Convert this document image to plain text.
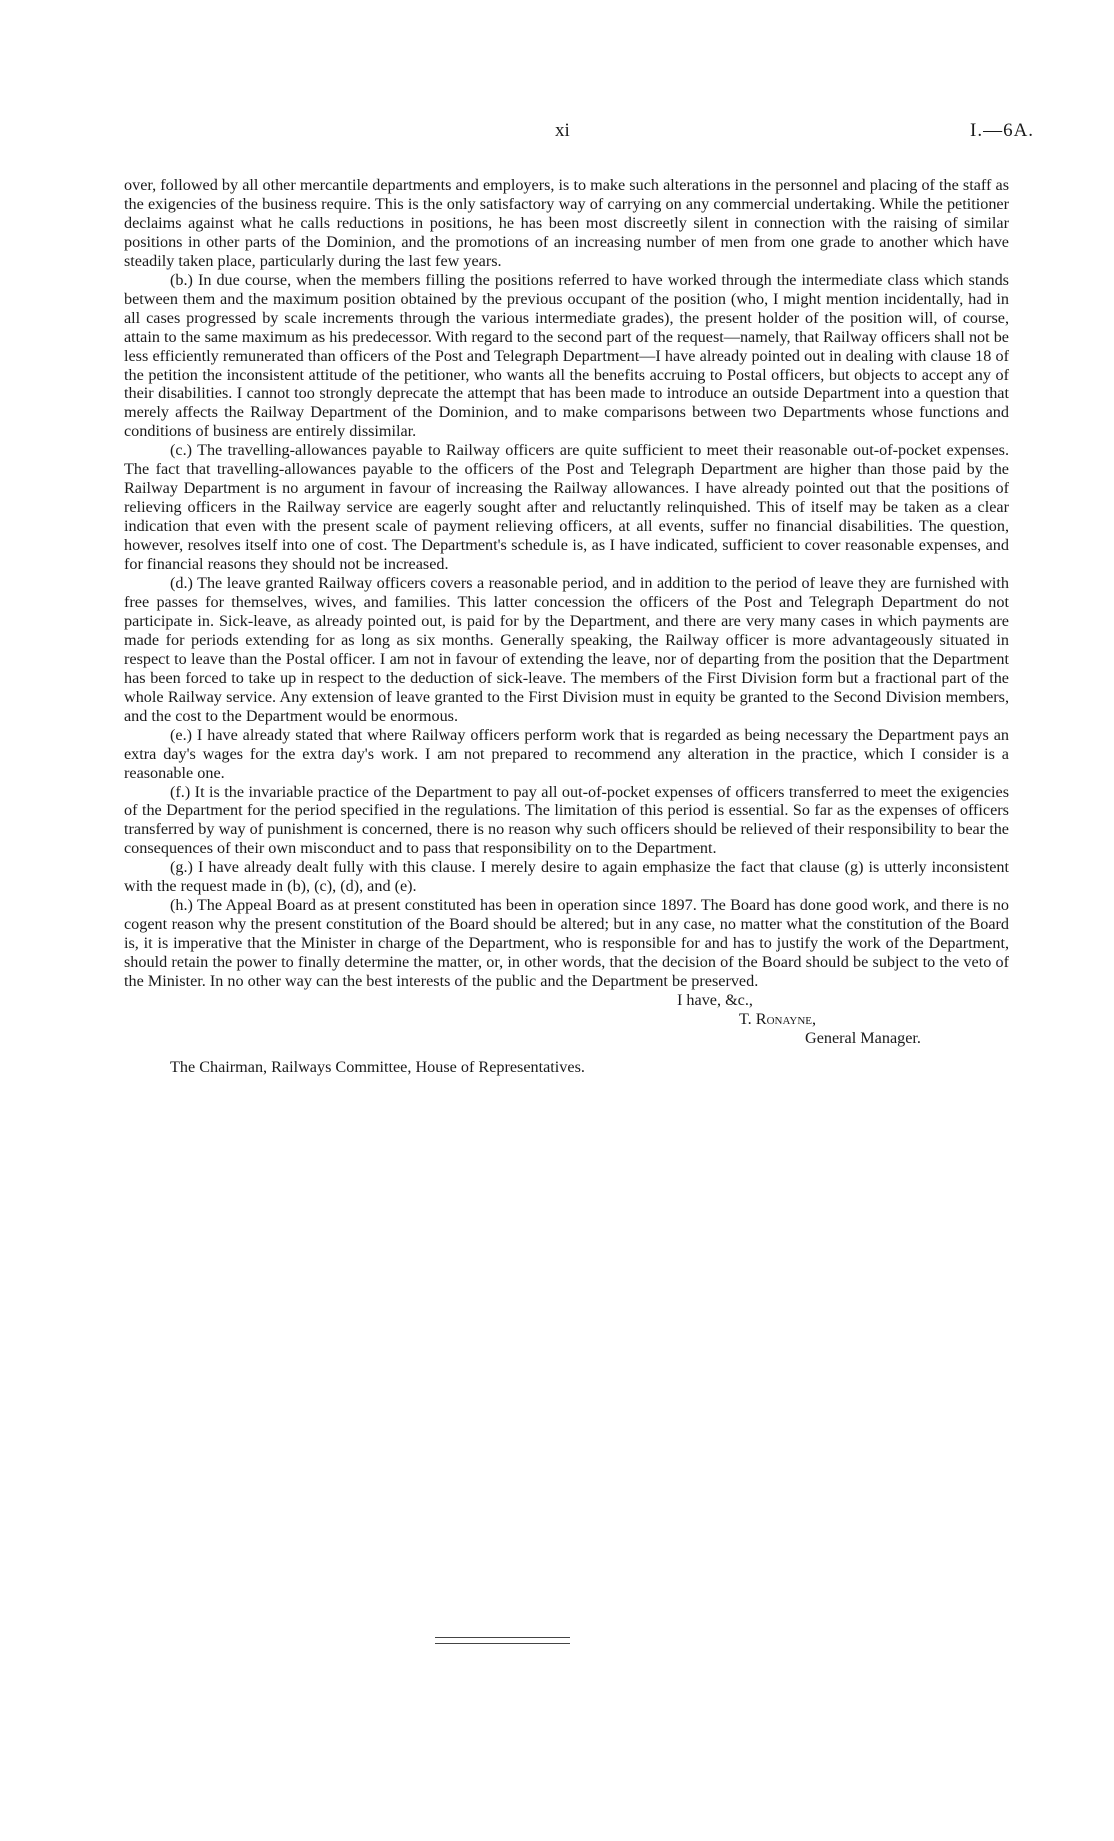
xi	I.—6A.

over, followed by all other mercantile departments and employers, is to make such alterations in the personnel and placing of the staff as the exigencies of the business require. This is the only satisfactory way of carrying on any commercial undertaking. While the petitioner declaims against what he calls reductions in positions, he has been most discreetly silent in connection with the raising of similar positions in other parts of the Dominion, and the promotions of an increasing number of men from one grade to another which have steadily taken place, particularly during the last few years.

(b.) In due course, when the members filling the positions referred to have worked through the intermediate class which stands between them and the maximum position obtained by the previous occupant of the position (who, I might mention incidentally, had in all cases progressed by scale increments through the various intermediate grades), the present holder of the position will, of course, attain to the same maximum as his predecessor. With regard to the second part of the request—namely, that Railway officers shall not be less efficiently remunerated than officers of the Post and Telegraph Department—I have already pointed out in dealing with clause 18 of the petition the inconsistent attitude of the petitioner, who wants all the benefits accruing to Postal officers, but objects to accept any of their disabilities. I cannot too strongly deprecate the attempt that has been made to introduce an outside Department into a question that merely affects the Railway Department of the Dominion, and to make comparisons between two Departments whose functions and conditions of business are entirely dissimilar.

(c.) The travelling-allowances payable to Railway officers are quite sufficient to meet their reasonable out-of-pocket expenses. The fact that travelling-allowances payable to the officers of the Post and Telegraph Department are higher than those paid by the Railway Department is no argument in favour of increasing the Railway allowances. I have already pointed out that the positions of relieving officers in the Railway service are eagerly sought after and reluctantly relinquished. This of itself may be taken as a clear indication that even with the present scale of payment relieving officers, at all events, suffer no financial disabilities. The question, however, resolves itself into one of cost. The Department's schedule is, as I have indicated, sufficient to cover reasonable expenses, and for financial reasons they should not be increased.

(d.) The leave granted Railway officers covers a reasonable period, and in addition to the period of leave they are furnished with free passes for themselves, wives, and families. This latter concession the officers of the Post and Telegraph Department do not participate in. Sick-leave, as already pointed out, is paid for by the Department, and there are very many cases in which payments are made for periods extending for as long as six months. Generally speaking, the Railway officer is more advantageously situated in respect to leave than the Postal officer. I am not in favour of extending the leave, nor of departing from the position that the Department has been forced to take up in respect to the deduction of sick-leave. The members of the First Division form but a fractional part of the whole Railway service. Any extension of leave granted to the First Division must in equity be granted to the Second Division members, and the cost to the Department would be enormous.

(e.) I have already stated that where Railway officers perform work that is regarded as being necessary the Department pays an extra day's wages for the extra day's work. I am not prepared to recommend any alteration in the practice, which I consider is a reasonable one.

(f.) It is the invariable practice of the Department to pay all out-of-pocket expenses of officers transferred to meet the exigencies of the Department for the period specified in the regulations. The limitation of this period is essential. So far as the expenses of officers transferred by way of punishment is concerned, there is no reason why such officers should be relieved of their responsibility to bear the consequences of their own misconduct and to pass that responsibility on to the Department.

(g.) I have already dealt fully with this clause. I merely desire to again emphasize the fact that clause (g) is utterly inconsistent with the request made in (b), (c), (d), and (e).

(h.) The Appeal Board as at present constituted has been in operation since 1897. The Board has done good work, and there is no cogent reason why the present constitution of the Board should be altered; but in any case, no matter what the constitution of the Board is, it is imperative that the Minister in charge of the Department, who is responsible for and has to justify the work of the Department, should retain the power to finally determine the matter, or, in other words, that the decision of the Board should be subject to the veto of the Minister. In no other way can the best interests of the public and the Department be preserved.

I have, &c.,

T. Ronayne,

General Manager.

The Chairman, Railways Committee, House of Representatives.
